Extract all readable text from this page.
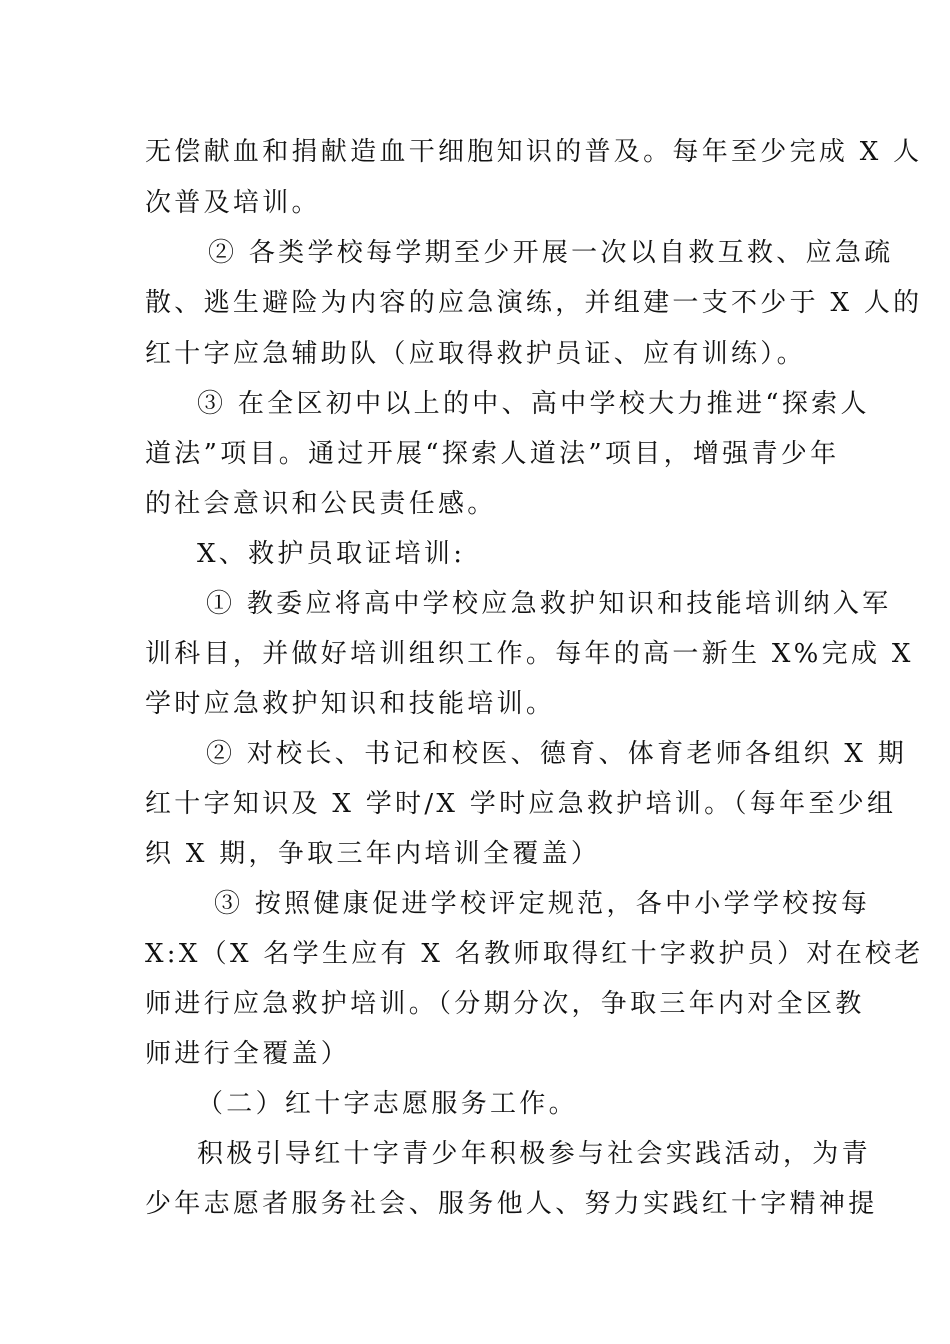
无偿献血和捐献造血干细胞知识的普及。每年至少完成 X 人
次普及培训。
② 各类学校每学期至少开展一次以自救互救、应急疏
散、逃生避险为内容的应急演练，并组建一支不少于 X 人的
红十字应急辅助队（应取得救护员证、应有训练）。
③ 在全区初中以上的中、高中学校大力推进“探索人
道法”项目。通过开展“探索人道法”项目，增强青少年
的社会意识和公民责任感。
X、救护员取证培训:
① 教委应将高中学校应急救护知识和技能培训纳入军
训科目，并做好培训组织工作。每年的高一新生 X%完成 X
学时应急救护知识和技能培训。
② 对校长、书记和校医、德育、体育老师各组织 X 期
红十字知识及 X 学时/X 学时应急救护培训。（每年至少组
织 X 期，争取三年内培训全覆盖）
③ 按照健康促进学校评定规范，各中小学学校按每
X:X（X 名学生应有 X 名教师取得红十字救护员）对在校老
师进行应急救护培训。（分期分次，争取三年内对全区教
师进行全覆盖）
（二）红十字志愿服务工作。
积极引导红十字青少年积极参与社会实践活动，为青
少年志愿者服务社会、服务他人、努力实践红十字精神提
